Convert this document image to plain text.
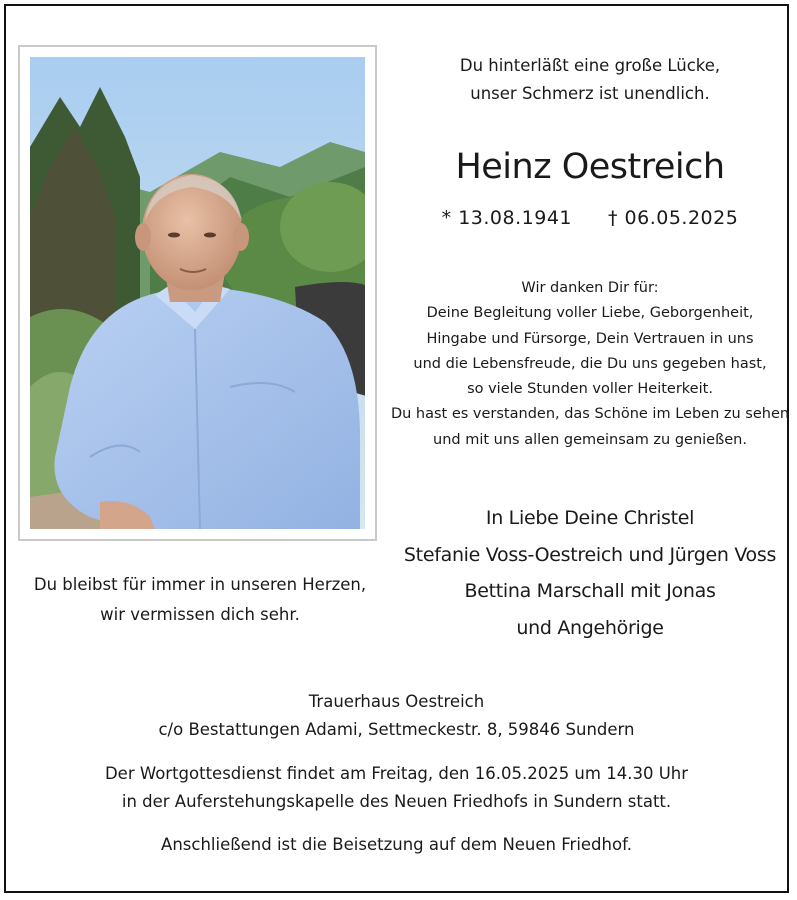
Du hinterläßt eine große Lücke,
unser Schmerz ist unendlich.
Heinz Oestreich
* 13.08.1941 † 06.05.2025
Wir danken Dir für:
Deine Begleitung voller Liebe, Geborgenheit,
Hingabe und Fürsorge, Dein Vertrauen in uns
und die Lebensfreude, die Du uns gegeben hast,
so viele Stunden voller Heiterkeit.
Du hast es verstanden, das Schöne im Leben zu sehen
und mit uns allen gemeinsam zu genießen.
In Liebe Deine Christel
Stefanie Voss-Oestreich und Jürgen Voss
Bettina Marschall mit Jonas
und Angehörige
Du bleibst für immer in unseren Herzen,
wir vermissen dich sehr.
Trauerhaus Oestreich
c/o Bestattungen Adami, Settmeckestr. 8, 59846 Sundern
Der Wortgottesdienst findet am Freitag, den 16.05.2025 um 14.30 Uhr
in der Auferstehungskapelle des Neuen Friedhofs in Sundern statt.
Anschließend ist die Beisetzung auf dem Neuen Friedhof.
